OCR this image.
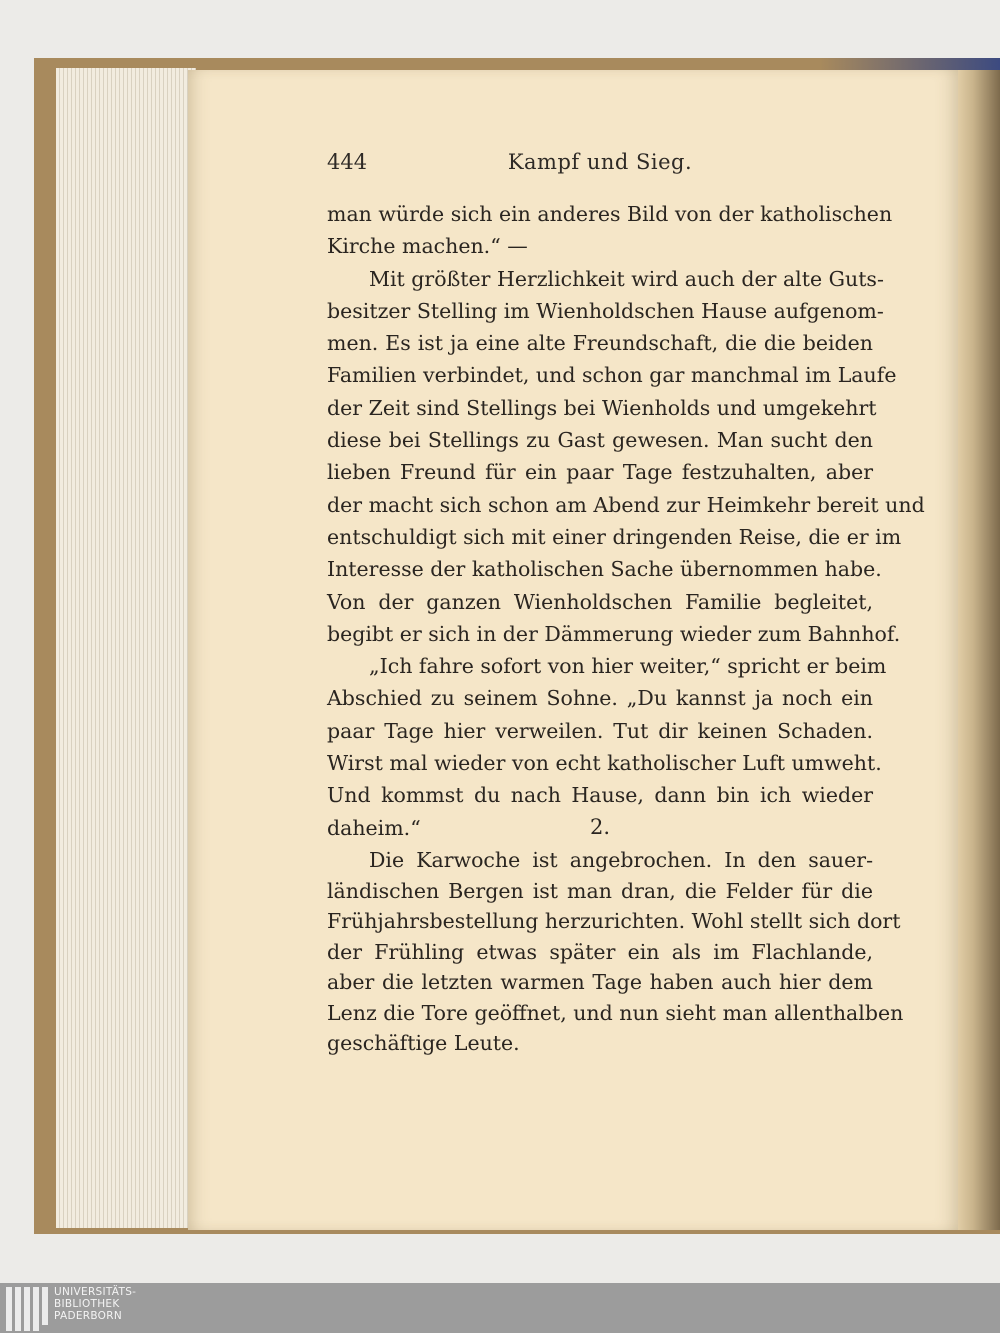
444	Kampf und Sieg.
man würde sich ein anderes Bild von der katholischen
Kirche machen.“ —
Mit größter Herzlichkeit wird auch der alte Guts-
besitzer Stelling im Wienholdschen Hause aufgenom-
men. Es ist ja eine alte Freundschaft, die die beiden
Familien verbindet, und schon gar manchmal im Laufe
der Zeit sind Stellings bei Wienholds und umgekehrt
diese bei Stellings zu Gast gewesen. Man sucht den
lieben Freund für ein paar Tage festzuhalten, aber
der macht sich schon am Abend zur Heimkehr bereit und
entschuldigt sich mit einer dringenden Reise, die er im
Interesse der katholischen Sache übernommen habe.
Von der ganzen Wienholdschen Familie begleitet,
begibt er sich in der Dämmerung wieder zum Bahnhof.
„Ich fahre sofort von hier weiter,“ spricht er beim
Abschied zu seinem Sohne. „Du kannst ja noch ein
paar Tage hier verweilen. Tut dir keinen Schaden.
Wirst mal wieder von echt katholischer Luft umweht.
Und kommst du nach Hause, dann bin ich wieder
daheim.“	2.
Die Karwoche ist angebrochen. In den sauer-
ländischen Bergen ist man dran, die Felder für die
Frühjahrsbestellung herzurichten. Wohl stellt sich dort
der Frühling etwas später ein als im Flachlande,
aber die letzten warmen Tage haben auch hier dem
Lenz die Tore geöffnet, und nun sieht man allenthalben
geschäftige Leute.
UNIVERSITÄTS-
BIBLIOTHEK
PADERBORN
